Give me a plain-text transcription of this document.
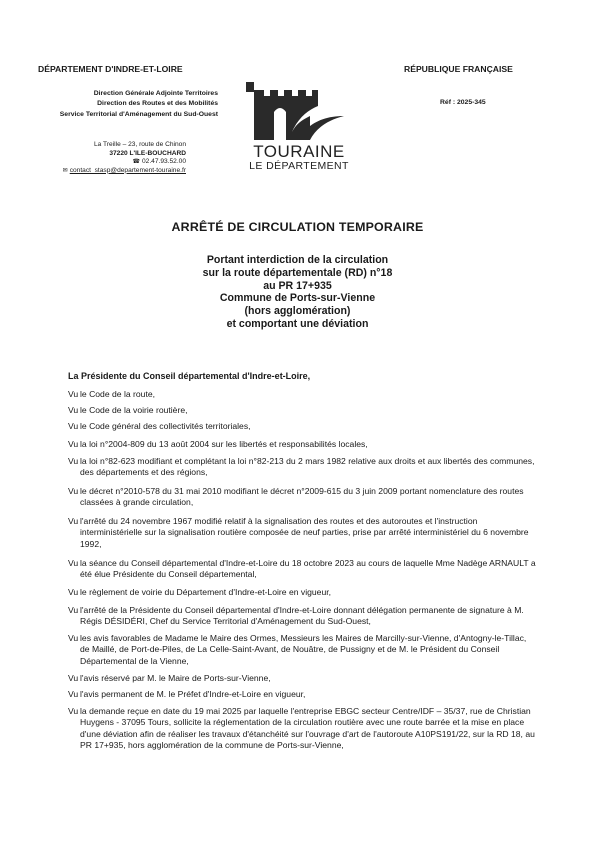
DÉPARTEMENT D'INDRE-ET-LOIRE
Direction Générale Adjointe Territoires
Direction des Routes et des Mobilités
Service Territorial d'Aménagement du Sud-Ouest
La Treille – 23, route de Chinon
37220 L'ILE-BOUCHARD
☎ 02.47.93.52.00
✉ contact_stasp@departement-touraine.fr
TOURAINE
LE DÉPARTEMENT
RÉPUBLIQUE FRANÇAISE
Réf : 2025-345
ARRÊTÉ DE CIRCULATION TEMPORAIRE
Portant interdiction de la circulation
sur la route départementale (RD) n°18
au PR 17+935
Commune de Ports-sur-Vienne
(hors agglomération)
et comportant une déviation
La Présidente du Conseil départemental d'Indre-et-Loire,
Vu le Code de la route,
Vu le Code de la voirie routière,
Vu le Code général des collectivités territoriales,
Vu la loi n°2004-809 du 13 août 2004 sur les libertés et responsabilités locales,
Vu la loi n°82-623 modifiant et complétant la loi n°82-213 du 2 mars 1982 relative aux droits et aux libertés des communes, des départements et des régions,
Vu le décret n°2010-578 du 31 mai 2010 modifiant le décret n°2009-615 du 3 juin 2009 portant nomenclature des routes classées à grande circulation,
Vu l'arrêté du 24 novembre 1967 modifié relatif à la signalisation des routes et des autoroutes et l'instruction interministérielle sur la signalisation routière composée de neuf parties, prise par arrêté interministériel du 6 novembre 1992,
Vu la séance du Conseil départemental d'Indre-et-Loire du 18 octobre 2023 au cours de laquelle Mme Nadège ARNAULT a été élue Présidente du Conseil départemental,
Vu le règlement de voirie du Département d'Indre-et-Loire en vigueur,
Vu l'arrêté de la Présidente du Conseil départemental d'Indre-et-Loire donnant délégation permanente de signature à M. Régis DÉSIDÉRI, Chef du Service Territorial d'Aménagement du Sud-Ouest,
Vu les avis favorables de Madame le Maire des Ormes, Messieurs les Maires de Marcilly-sur-Vienne, d'Antogny-le-Tillac, de Maillé, de Port-de-Piles, de La Celle-Saint-Avant, de Nouâtre, de Pussigny et de M. le Président du Conseil Départemental de la Vienne,
Vu l'avis réservé par M. le Maire de Ports-sur-Vienne,
Vu l'avis permanent de M. le Préfet d'Indre-et-Loire en vigueur,
Vu la demande reçue en date du 19 mai 2025 par laquelle l'entreprise EBGC secteur Centre/IDF – 35/37, rue de Christian Huygens - 37095 Tours, sollicite la réglementation de la circulation routière avec une route barrée et la mise en place d'une déviation afin de réaliser les travaux d'étanchéité sur l'ouvrage d'art de l'autoroute A10PS191/22, sur la RD 18, au PR 17+935, hors agglomération de la commune de Ports-sur-Vienne,
